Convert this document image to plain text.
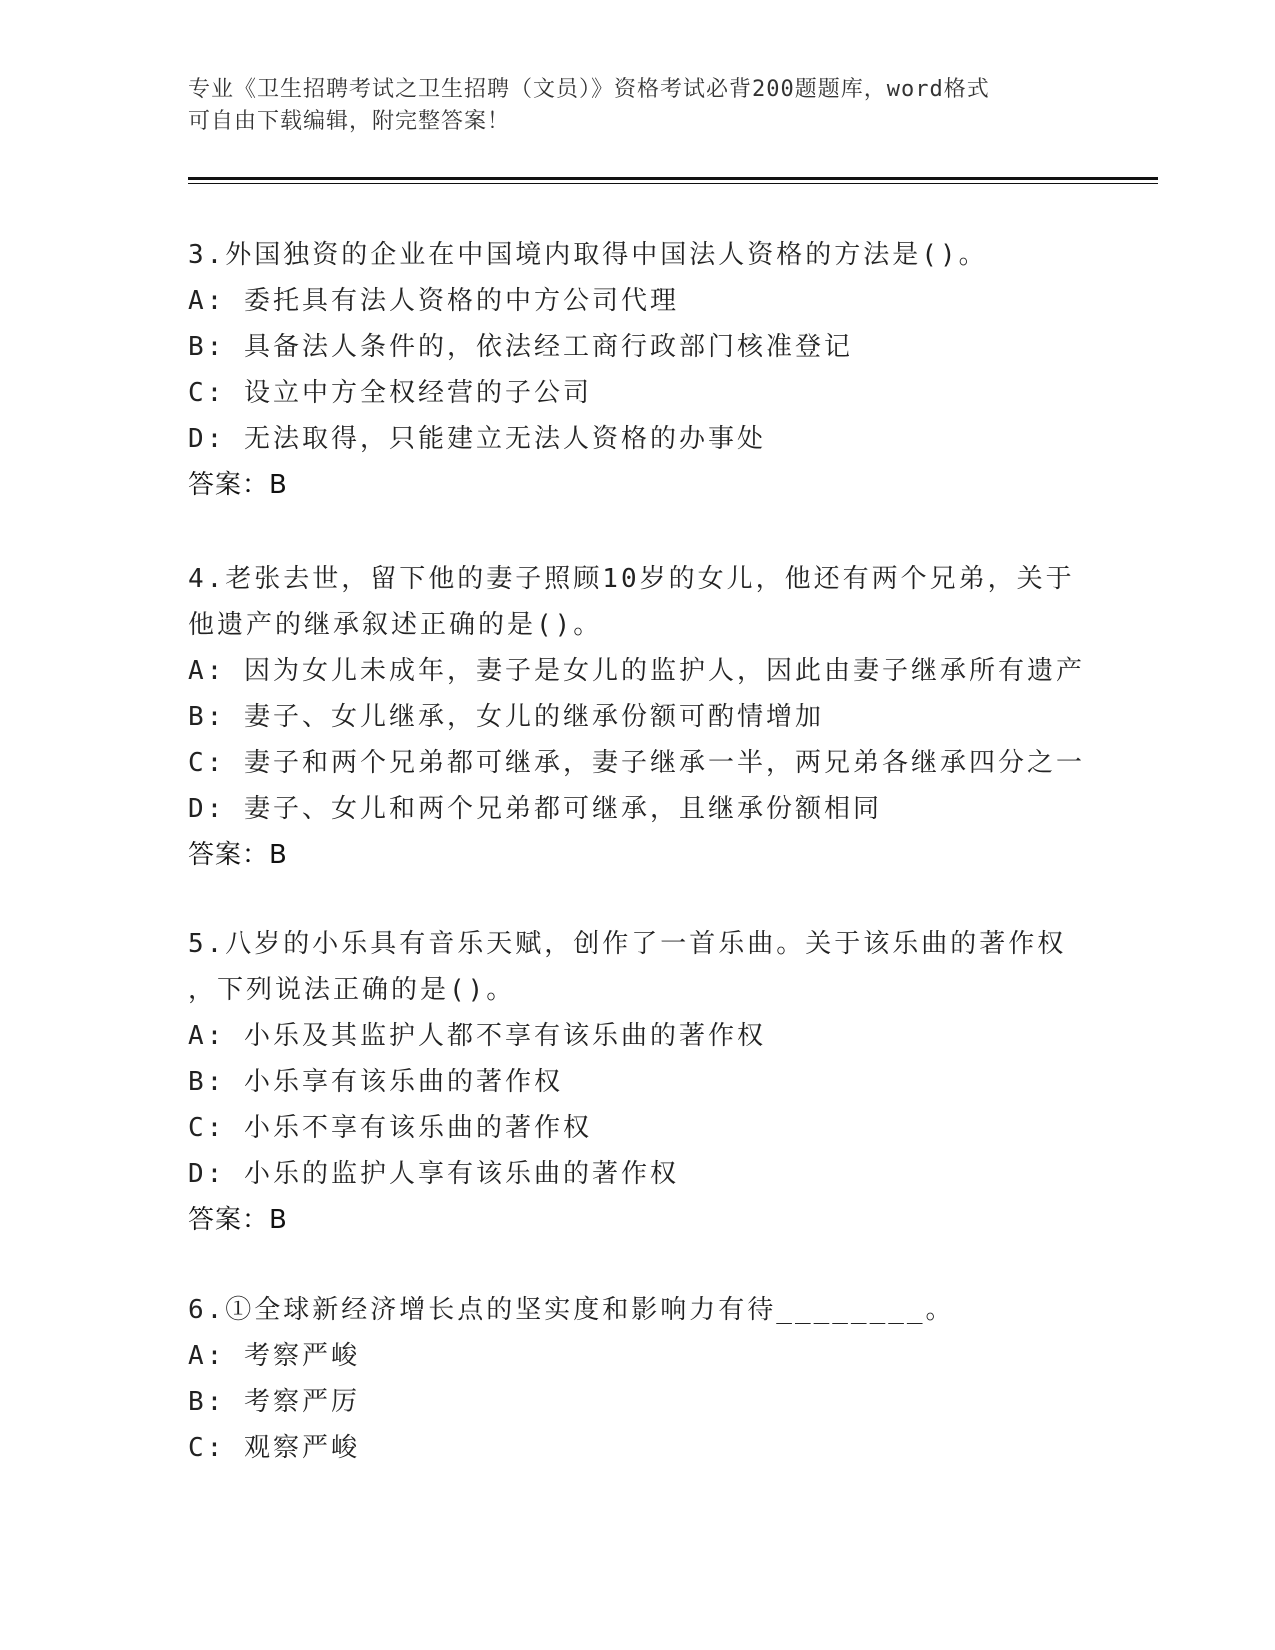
专业《卫生招聘考试之卫生招聘（文员）》资格考试必背200题题库，word格式
可自由下载编辑，附完整答案！
3.外国独资的企业在中国境内取得中国法人资格的方法是()。
A: 委托具有法人资格的中方公司代理
B: 具备法人条件的，依法经工商行政部门核准登记
C: 设立中方全权经营的子公司
D: 无法取得，只能建立无法人资格的办事处
答案：B
4.老张去世，留下他的妻子照顾10岁的女儿，他还有两个兄弟，关于
他遗产的继承叙述正确的是()。
A: 因为女儿未成年，妻子是女儿的监护人，因此由妻子继承所有遗产
B: 妻子、女儿继承，女儿的继承份额可酌情增加
C: 妻子和两个兄弟都可继承，妻子继承一半，两兄弟各继承四分之一
D: 妻子、女儿和两个兄弟都可继承，且继承份额相同
答案：B
5.八岁的小乐具有音乐天赋，创作了一首乐曲。关于该乐曲的著作权
，下列说法正确的是()。
A: 小乐及其监护人都不享有该乐曲的著作权
B: 小乐享有该乐曲的著作权
C: 小乐不享有该乐曲的著作权
D: 小乐的监护人享有该乐曲的著作权
答案：B
6.①全球新经济增长点的坚实度和影响力有待________。
A: 考察严峻
B: 考察严厉
C: 观察严峻
